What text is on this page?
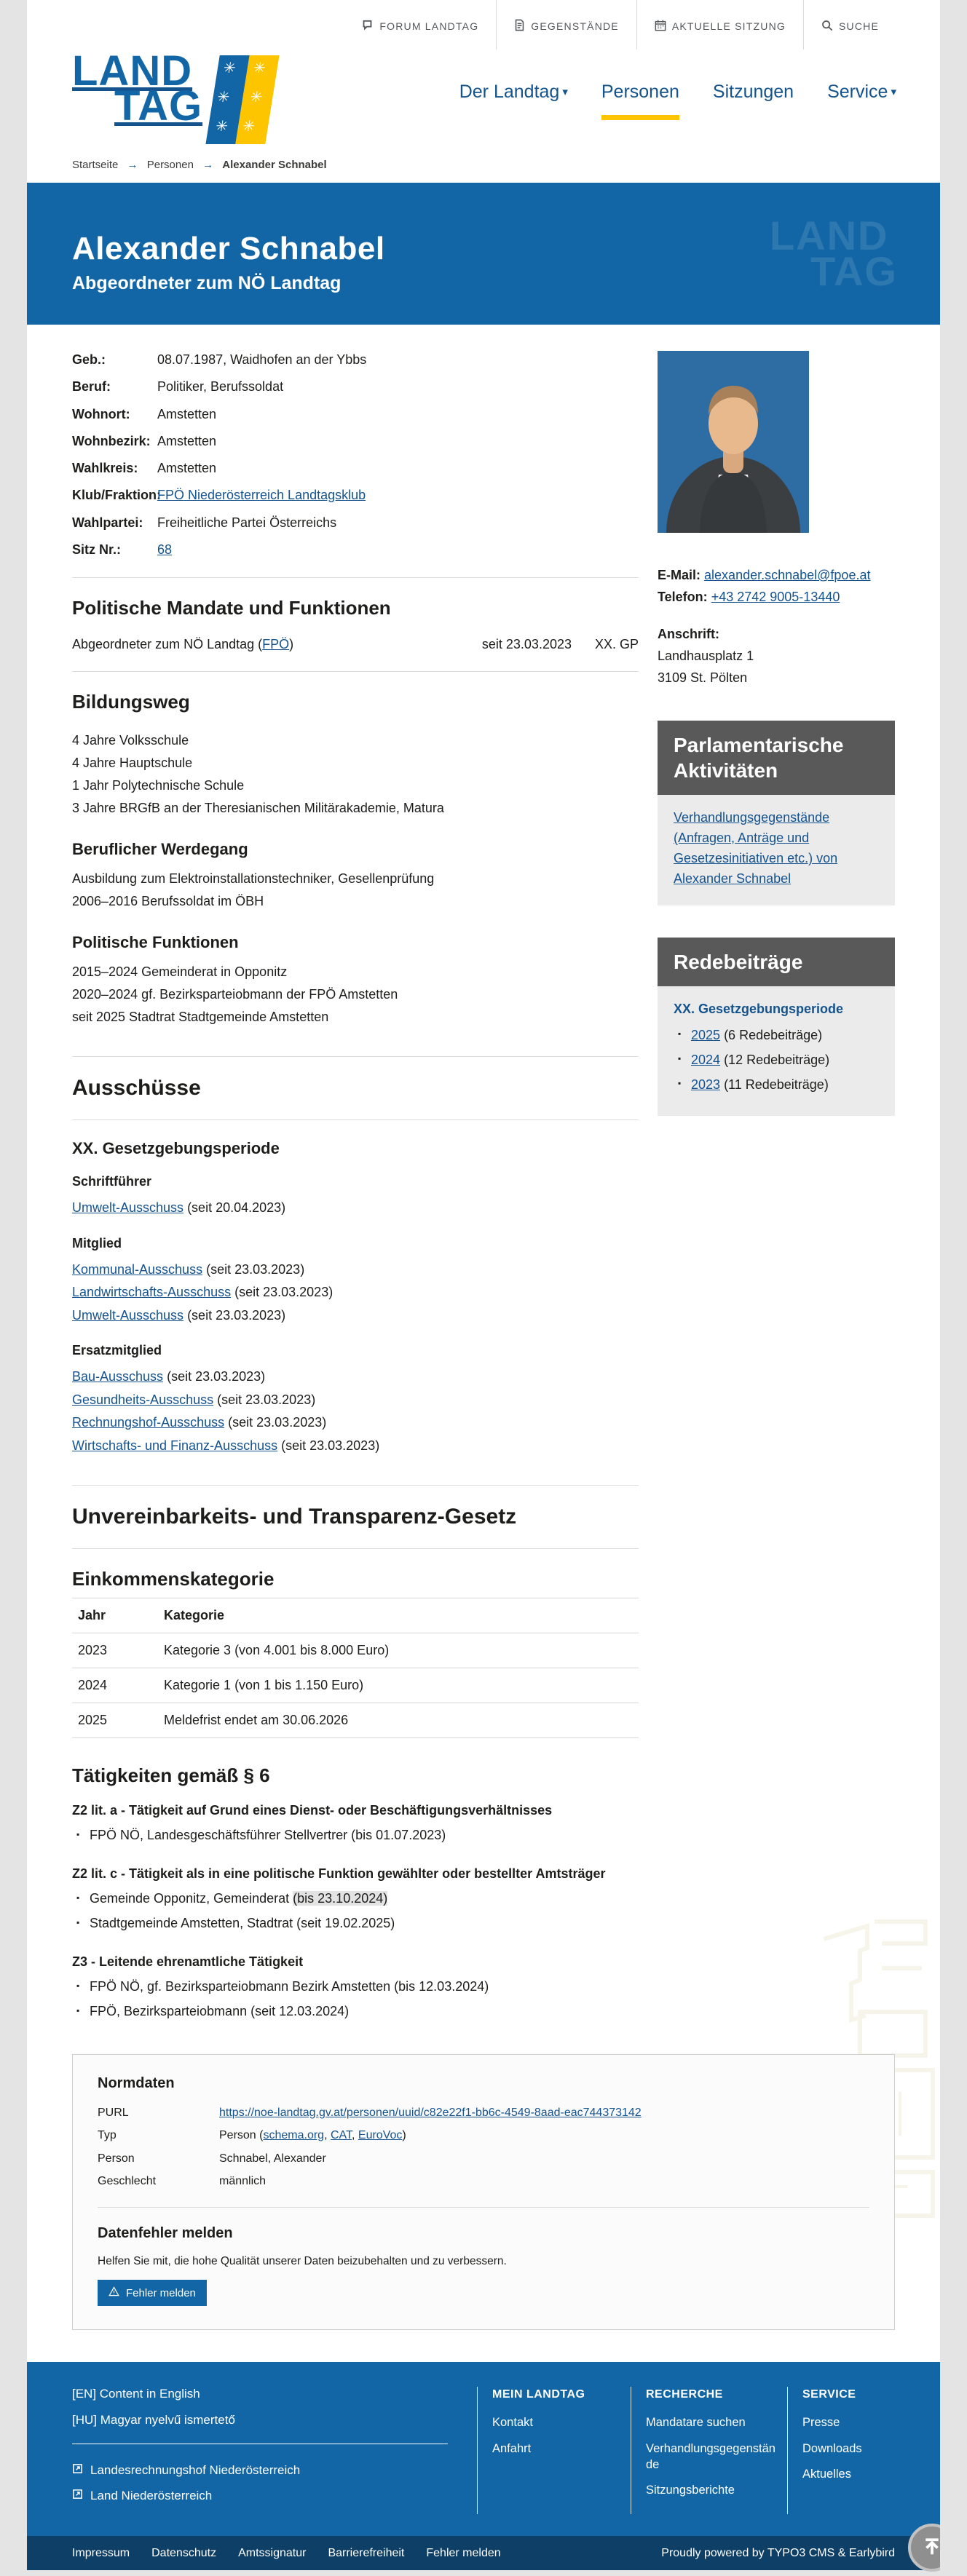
FORUM LANDTAG	GEGENSTÄNDE	AKTUELLE SITZUNG	SUCHE
LAND
TAG
✳
✳
✳
✳
✳
✳
Der Landtag ▾ Personen Sitzungen Service ▾
Startseite → Personen → Alexander Schnabel
Alexander Schnabel
Abgeordneter zum NÖ Landtag
LAND
TAG
Geb.:	08.07.1987, Waidhofen an der Ybbs
Beruf:	Politiker, Berufssoldat
Wohnort:	Amstetten
Wohnbezirk: Amstetten
Wahlkreis:	Amstetten
Klub/Fraktion:
FPÖ Niederösterreich Landtagsklub
Wahlpartei:	Freiheitliche Partei Österreichs
Sitz Nr.:	68
Politische Mandate und Funktionen
Abgeordneter zum NÖ Landtag (FPÖ)	seit 23.03.2023	XX. GP
Bildungsweg
4 Jahre Volksschule
4 Jahre Hauptschule
1 Jahr Polytechnische Schule
3 Jahre BRGfB an der Theresianischen Militärakademie, Matura
Beruflicher Werdegang
Ausbildung zum Elektroinstallationstechniker, Gesellenprüfung
2006–2016 Berufssoldat im ÖBH
Politische Funktionen
2015–2024 Gemeinderat in Opponitz
2020–2024 gf. Bezirksparteiobmann der FPÖ Amstetten
seit 2025 Stadtrat Stadtgemeinde Amstetten
Ausschüsse
XX. Gesetzgebungsperiode
Schriftführer
Umwelt-Ausschuss (seit 20.04.2023)
Mitglied
Kommunal-Ausschuss (seit 23.03.2023)
Landwirtschafts-Ausschuss (seit 23.03.2023)
Umwelt-Ausschuss (seit 23.03.2023)
Ersatzmitglied
Bau-Ausschuss (seit 23.03.2023)
Gesundheits-Ausschuss (seit 23.03.2023)
Rechnungshof-Ausschuss (seit 23.03.2023)
Wirtschafts- und Finanz-Ausschuss (seit 23.03.2023)
Unvereinbarkeits- und Transparenz-Gesetz
Einkommenskategorie
Jahr	Kategorie
2023	Kategorie 3 (von 4.001 bis 8.000 Euro)
2024	Kategorie 1 (von 1 bis 1.150 Euro)
2025	Meldefrist endet am 30.06.2026
Tätigkeiten gemäß § 6
Z2 lit. a - Tätigkeit auf Grund eines Dienst- oder Beschäftigungsverhältnisses
▪ FPÖ NÖ, Landesgeschäftsführer Stellvertrer (bis 01.07.2023)
Z2 lit. c - Tätigkeit als in eine politische Funktion gewählter oder bestellter Amtsträger
▪ Gemeinde Opponitz, Gemeinderat (bis 23.10.2024)
▪ Stadtgemeinde Amstetten, Stadtrat (seit 19.02.2025)
Z3 - Leitende ehrenamtliche Tätigkeit
▪ FPÖ NÖ, gf. Bezirksparteiobmann Bezirk Amstetten (bis 12.03.2024)
▪ FPÖ, Bezirksparteiobmann (seit 12.03.2024)
E-Mail: alexander.schnabel@fpoe.at
Telefon: +43 2742 9005-13440
Anschrift:
Landhausplatz 1
3109 St. Pölten
Parlamentarische Aktivitäten
Verhandlungsgegenstände (Anfragen, Anträge und Gesetzesinitiativen etc.) von Alexander Schnabel
Redebeiträge
XX. Gesetzgebungsperiode
▪ 2025 (6 Redebeiträge)
▪ 2024 (12 Redebeiträge)
▪ 2023 (11 Redebeiträge)
Normdaten
PURL	https://noe-landtag.gv.at/personen/uuid/c82e22f1-bb6c-4549-8aad-eac744373142
Typ	Person (schema.org, CAT, EuroVoc)
Person	Schnabel, Alexander
Geschlecht	männlich
Datenfehler melden

Helfen Sie mit, die hohe Qualität unserer Daten beizubehalten und zu verbessern.

Fehler melden
[EN] Content in English
[HU] Magyar nyelvű ismertető
Landesrechnungshof Niederösterreich
Land Niederösterreich
MEIN LANDTAG
Kontakt
Anfahrt
RECHERCHE
Mandatare suchen
Verhandlungsgegenstände
Sitzungsberichte
SERVICE
Presse
Downloads
Aktuelles
Impressum Datenschutz Amtssignatur Barrierefreiheit Fehler melden	Proudly powered by TYPO3 CMS & Earlybird
